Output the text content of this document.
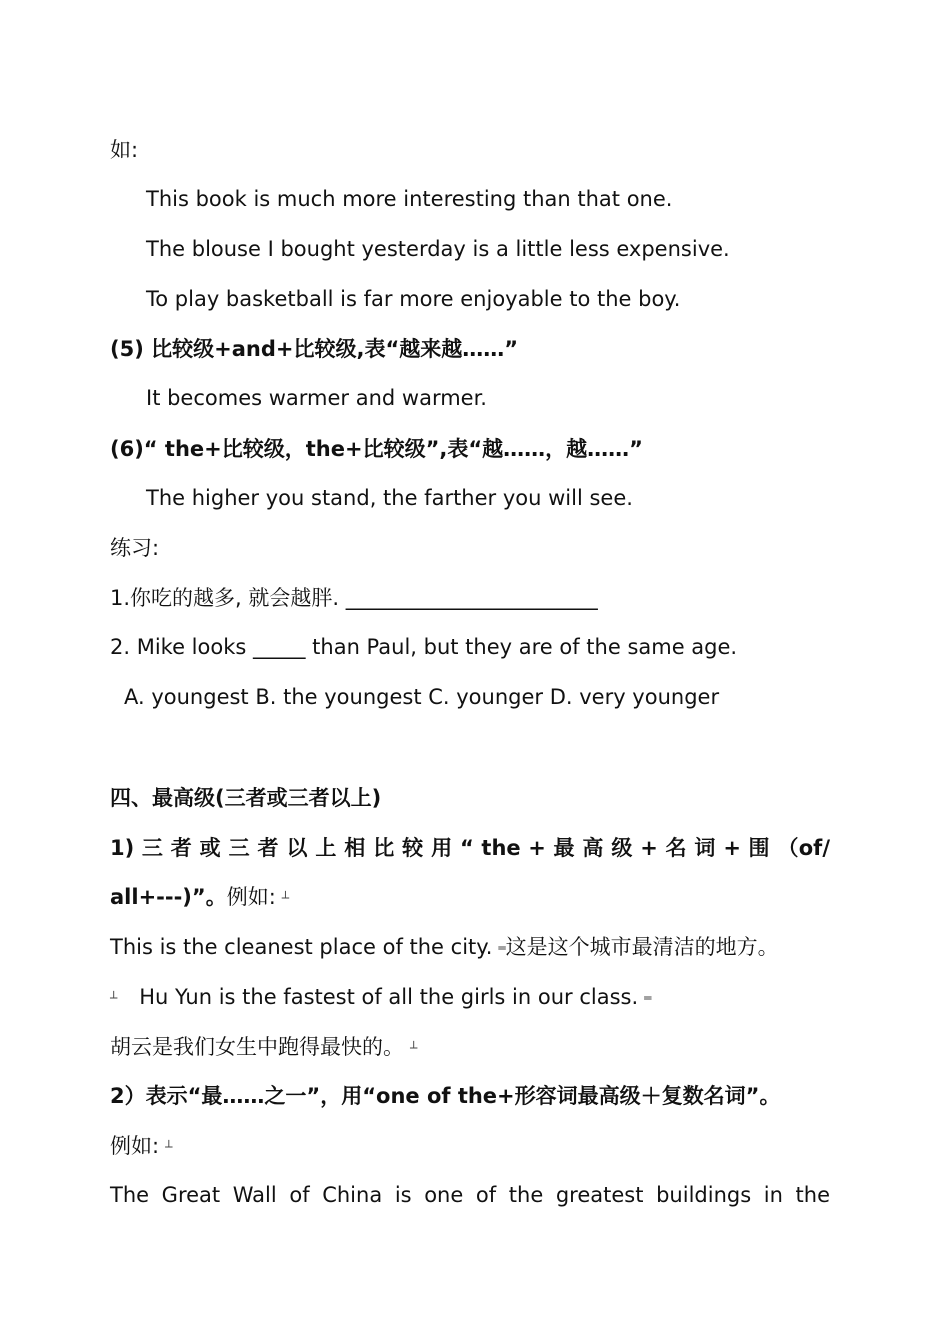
如:
This book is much more interesting than that one.
The blouse I bought yesterday is a little less expensive.
To play basketball is far more enjoyable to the boy.
(5) 比较级+and+比较级,表“越来越……”
It becomes warmer and warmer.
(6)“ the+比较级，the+比较级”,表“越……，越……”
The higher you stand, the farther you will see.
练习:
1.你吃的越多, 就会越胖. ________________________
2. Mike looks _____ than Paul, but they are of the same age.
A. youngest B. the youngest C. younger D. very younger
四、最高级(三者或三者以上)
1) 三 者 或 三 者 以 上 相 比 较 用 “ the + 最 高 级 + 名 词 + 围 （of/
all+---)”。例如:┴
This is the cleanest place of the city.═ 这是这个城市最清洁的地方。
┴Hu Yun is the fastest of all the girls in our class.═
胡云是我们女生中跑得最快的。┴
2）表示“最……之一”，用“one of the+形容词最高级＋复数名词”。
例如:┴
The Great Wall of China is one of the greatest buildings in the
